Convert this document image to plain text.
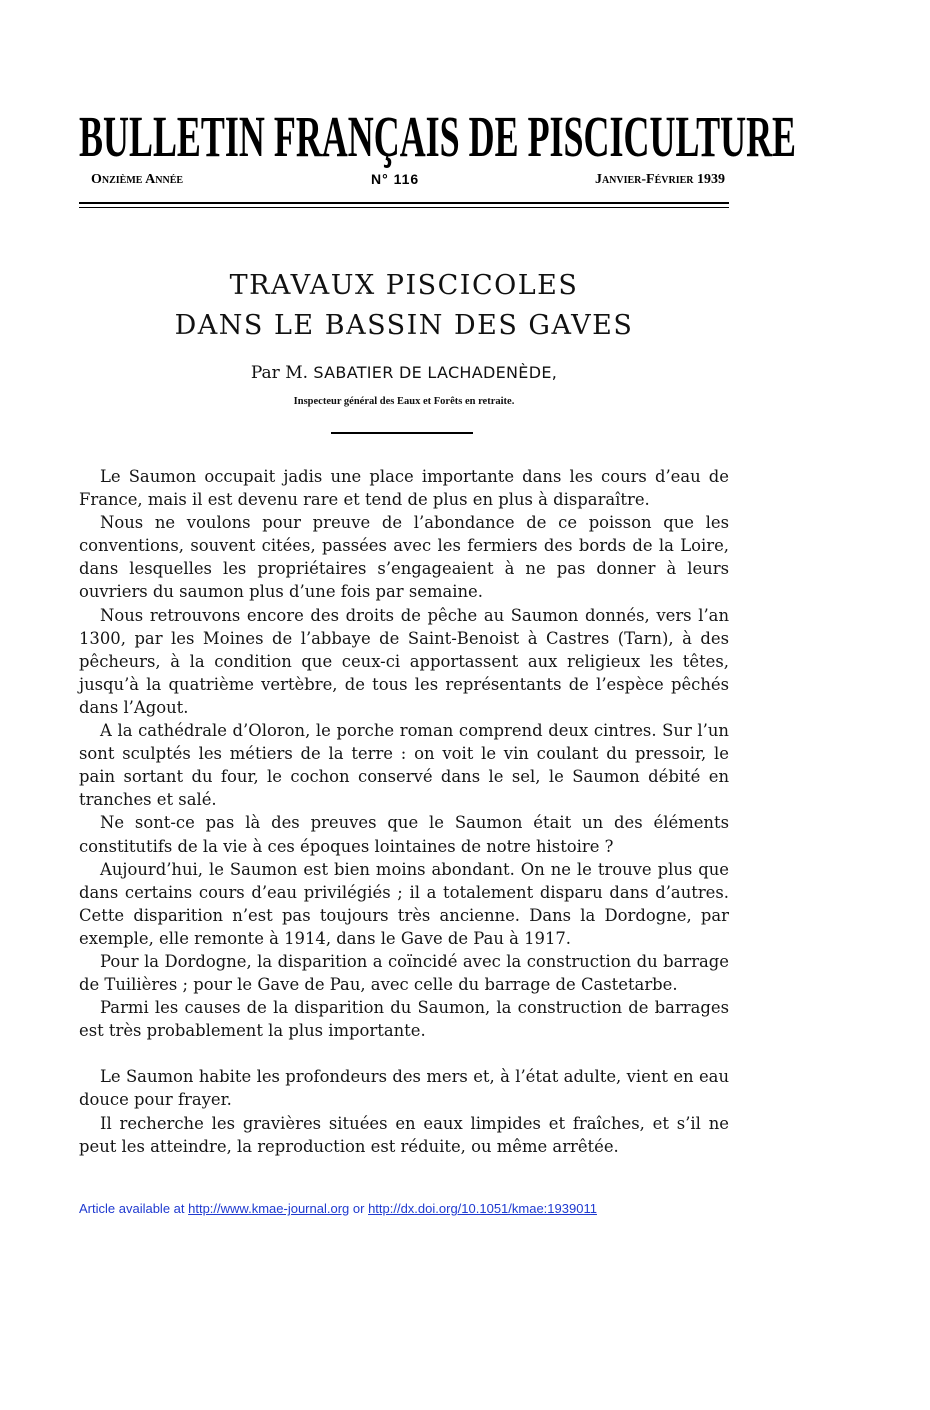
BULLETIN FRANÇAIS DE PISCICULTURE
Onzième Année	N° 116	Janvier-Février 1939
TRAVAUX PISCICOLES
DANS LE BASSIN DES GAVES
Par M. SABATIER DE LACHADENÈDE,
Inspecteur général des Eaux et Forêts en retraite.

Le Saumon occupait jadis une place importante dans les cours d’eau de France, mais il est devenu rare et tend de plus en plus à disparaître.

Nous ne voulons pour preuve de l’abondance de ce poisson que les conventions, souvent citées, passées avec les fermiers des bords de la Loire, dans lesquelles les propriétaires s’engageaient à ne pas donner à leurs ouvriers du saumon plus d’une fois par semaine.

Nous retrouvons encore des droits de pêche au Saumon donnés, vers l’an 1300, par les Moines de l’abbaye de Saint-Benoist à Castres (Tarn), à des pêcheurs, à la condition que ceux-ci apportassent aux religieux les têtes, jusqu’à la quatrième vertèbre, de tous les représentants de l’espèce pêchés dans l’Agout.

A la cathédrale d’Oloron, le porche roman comprend deux cintres. Sur l’un sont sculptés les métiers de la terre : on voit le vin coulant du pressoir, le pain sortant du four, le cochon conservé dans le sel, le Saumon débité en tranches et salé.

Ne sont-ce pas là des preuves que le Saumon était un des éléments constitutifs de la vie à ces époques lointaines de notre histoire ?

Aujourd’hui, le Saumon est bien moins abondant. On ne le trouve plus que dans certains cours d’eau privilégiés ; il a totalement disparu dans d’autres. Cette disparition n’est pas toujours très ancienne. Dans la Dordogne, par exemple, elle remonte à 1914, dans le Gave de Pau à 1917.

Pour la Dordogne, la disparition a coïncidé avec la construction du barrage de Tuilières ; pour le Gave de Pau, avec celle du barrage de Castetarbe.

Parmi les causes de la disparition du Saumon, la construction de barrages est très probablement la plus importante.

Le Saumon habite les profondeurs des mers et, à l’état adulte, vient en eau douce pour frayer.

Il recherche les gravières situées en eaux limpides et fraîches, et s’il ne peut les atteindre, la reproduction est réduite, ou même arrêtée.

Article available at http://www.kmae-journal.org or http://dx.doi.org/10.1051/kmae:1939011
